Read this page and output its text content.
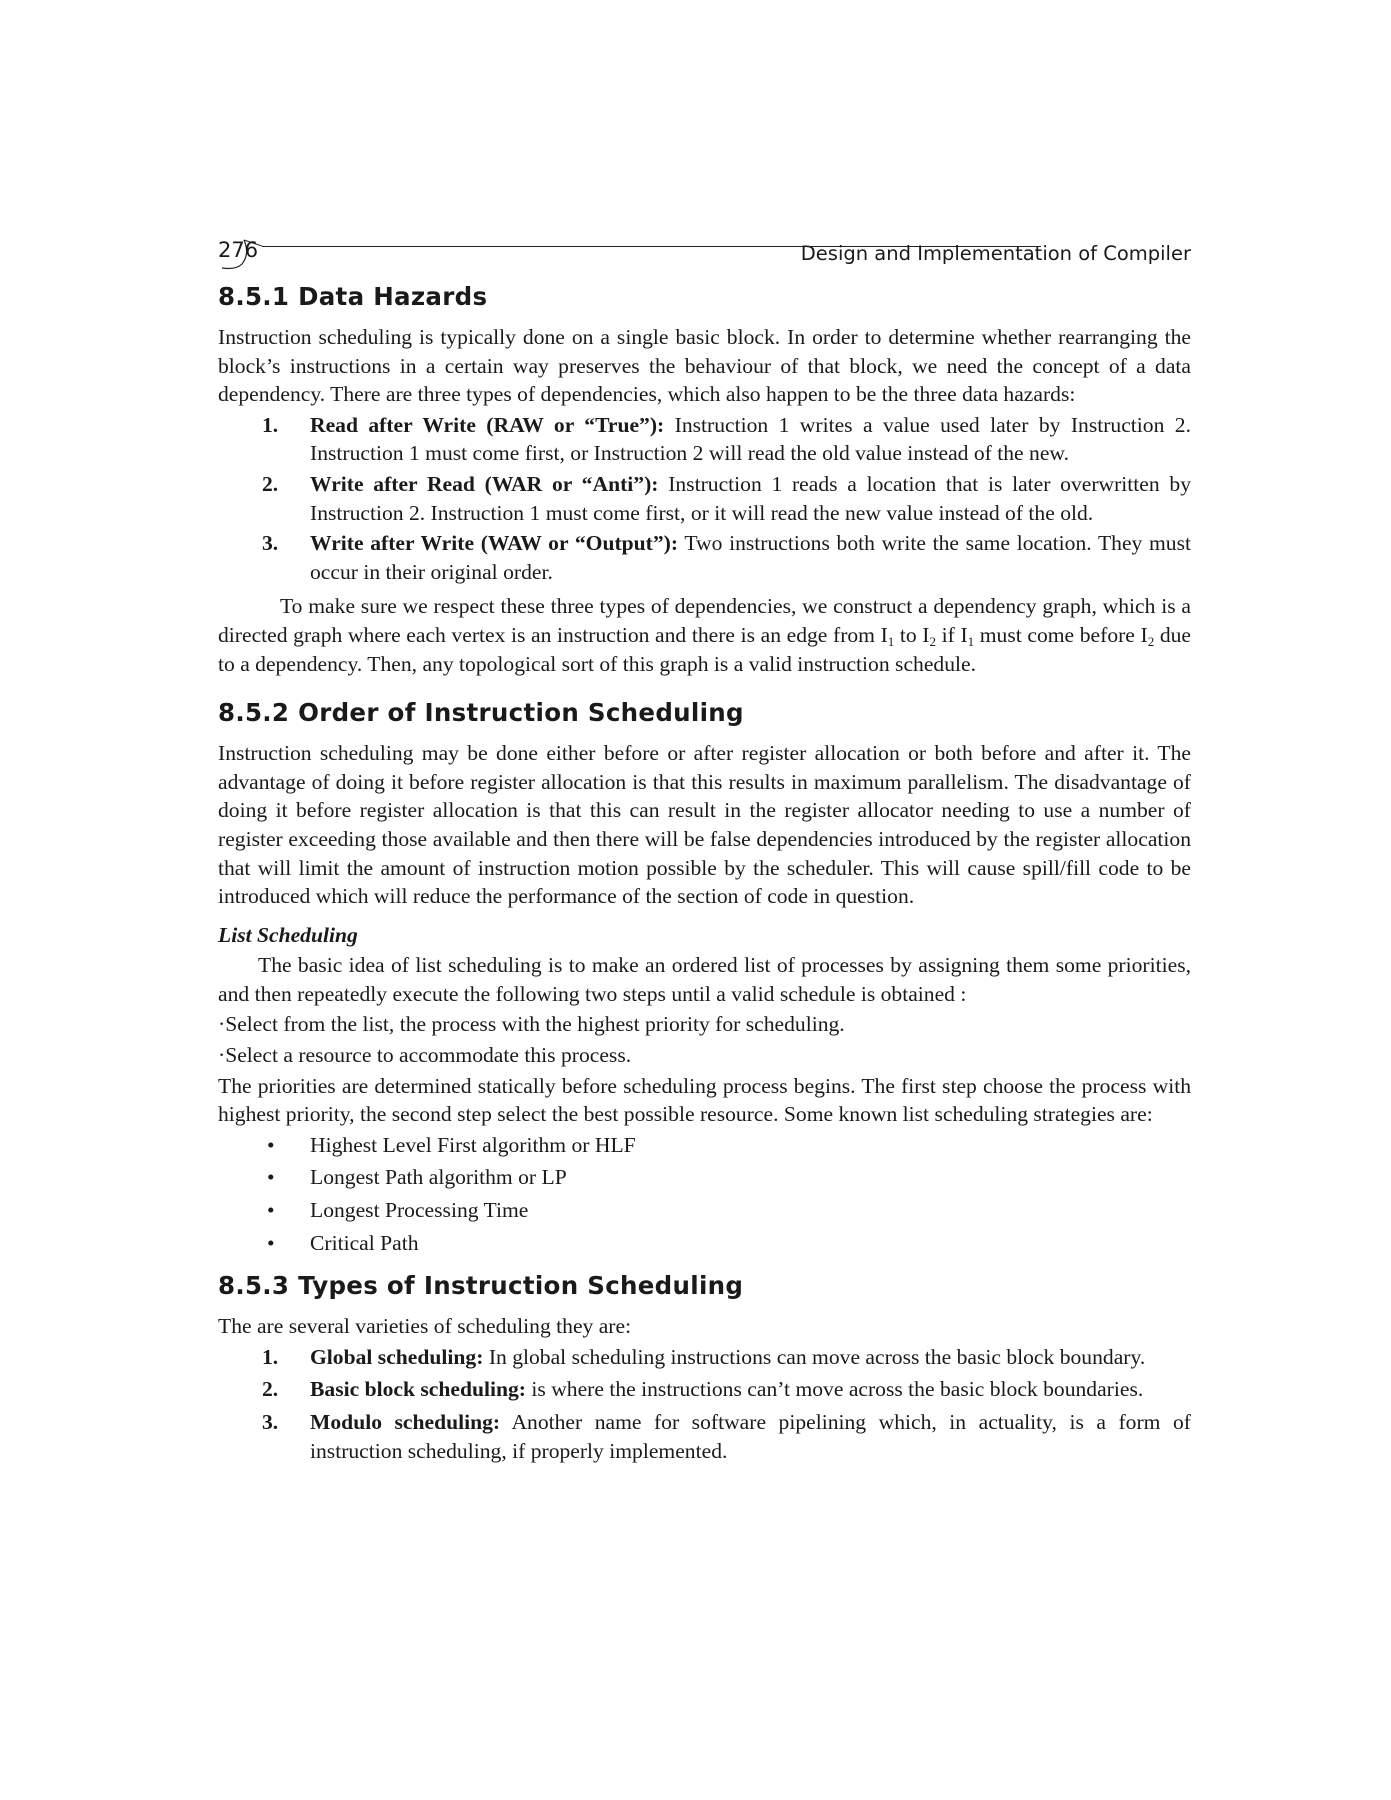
276	Design and Implementation of Compiler
8.5.1 Data Hazards

Instruction scheduling is typically done on a single basic block. In order to determine whether rearranging the block’s instructions in a certain way preserves the behaviour of that block, we need the concept of a data dependency. There are three types of dependencies, which also happen to be the three data hazards:

1. Read after Write (RAW or “True”): Instruction 1 writes a value used later by Instruction 2. Instruction 1 must come first, or Instruction 2 will read the old value instead of the new.
2. Write after Read (WAR or “Anti”): Instruction 1 reads a location that is later overwritten by Instruction 2. Instruction 1 must come first, or it will read the new value instead of the old.
3. Write after Write (WAW or “Output”): Two instructions both write the same location. They must occur in their original order.

To make sure we respect these three types of dependencies, we construct a dependency graph, which is a directed graph where each vertex is an instruction and there is an edge from $I_1$ to $I_2$ if $I_1$ must come before $I_2$ due to a dependency. Then, any topological sort of this graph is a valid instruction schedule.

8.5.2 Order of Instruction Scheduling

Instruction scheduling may be done either before or after register allocation or both before and after it. The advantage of doing it before register allocation is that this results in maximum parallelism. The disadvantage of doing it before register allocation is that this can result in the register allocator needing to use a number of register exceeding those available and then there will be false dependencies introduced by the register allocation that will limit the amount of instruction motion possible by the scheduler. This will cause spill/fill code to be introduced which will reduce the performance of the section of code in question.

List Scheduling

The basic idea of list scheduling is to make an ordered list of processes by assigning them some priorities, and then repeatedly execute the following two steps until a valid schedule is obtained :

·Select from the list, the process with the highest priority for scheduling.

·Select a resource to accommodate this process.

The priorities are determined statically before scheduling process begins. The first step choose the process with highest priority, the second step select the best possible resource. Some known list scheduling strategies are:

• Highest Level First algorithm or HLF
• Longest Path algorithm or LP
• Longest Processing Time
• Critical Path
8.5.3 Types of Instruction Scheduling

The are several varieties of scheduling they are:

1. Global scheduling: In global scheduling instructions can move across the basic block boundary.
2. Basic block scheduling: is where the instructions can’t move across the basic block boundaries.
3. Modulo scheduling: Another name for software pipelining which, in actuality, is a form of instruction scheduling, if properly implemented.
